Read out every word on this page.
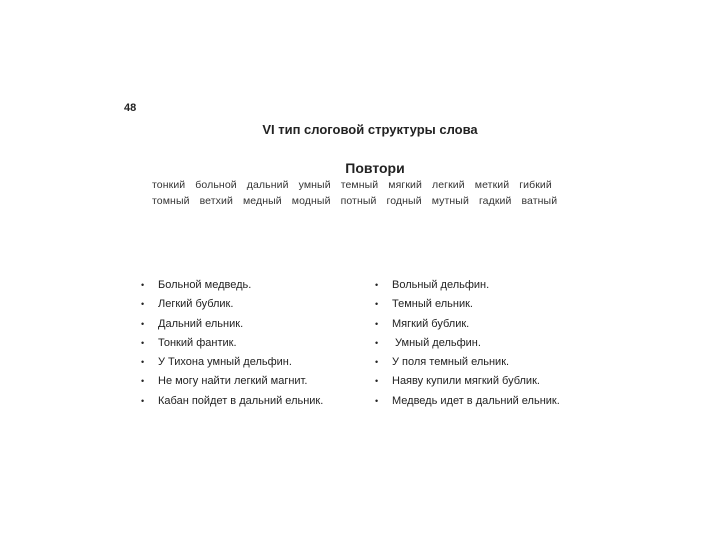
48
VI тип слоговой структуры слова
Повтори
тонкий больной дальний умный темный мягкий легкий меткий гибкий
томный ветхий медный модный потный годный мутный гадкий ватный
• Больной медведь.
• Легкий бублик.
• Дальний ельник.
• Тонкий фантик.
• У Тихона умный дельфин.
• Не могу найти легкий магнит.
• Кабан пойдет в дальний ельник.
• Вольный дельфин.
• Темный ельник.
• Мягкий бублик.
• Умный дельфин.
• У поля темный ельник.
• Наяву купили мягкий бублик.
• Медведь идет в дальний ельник.
